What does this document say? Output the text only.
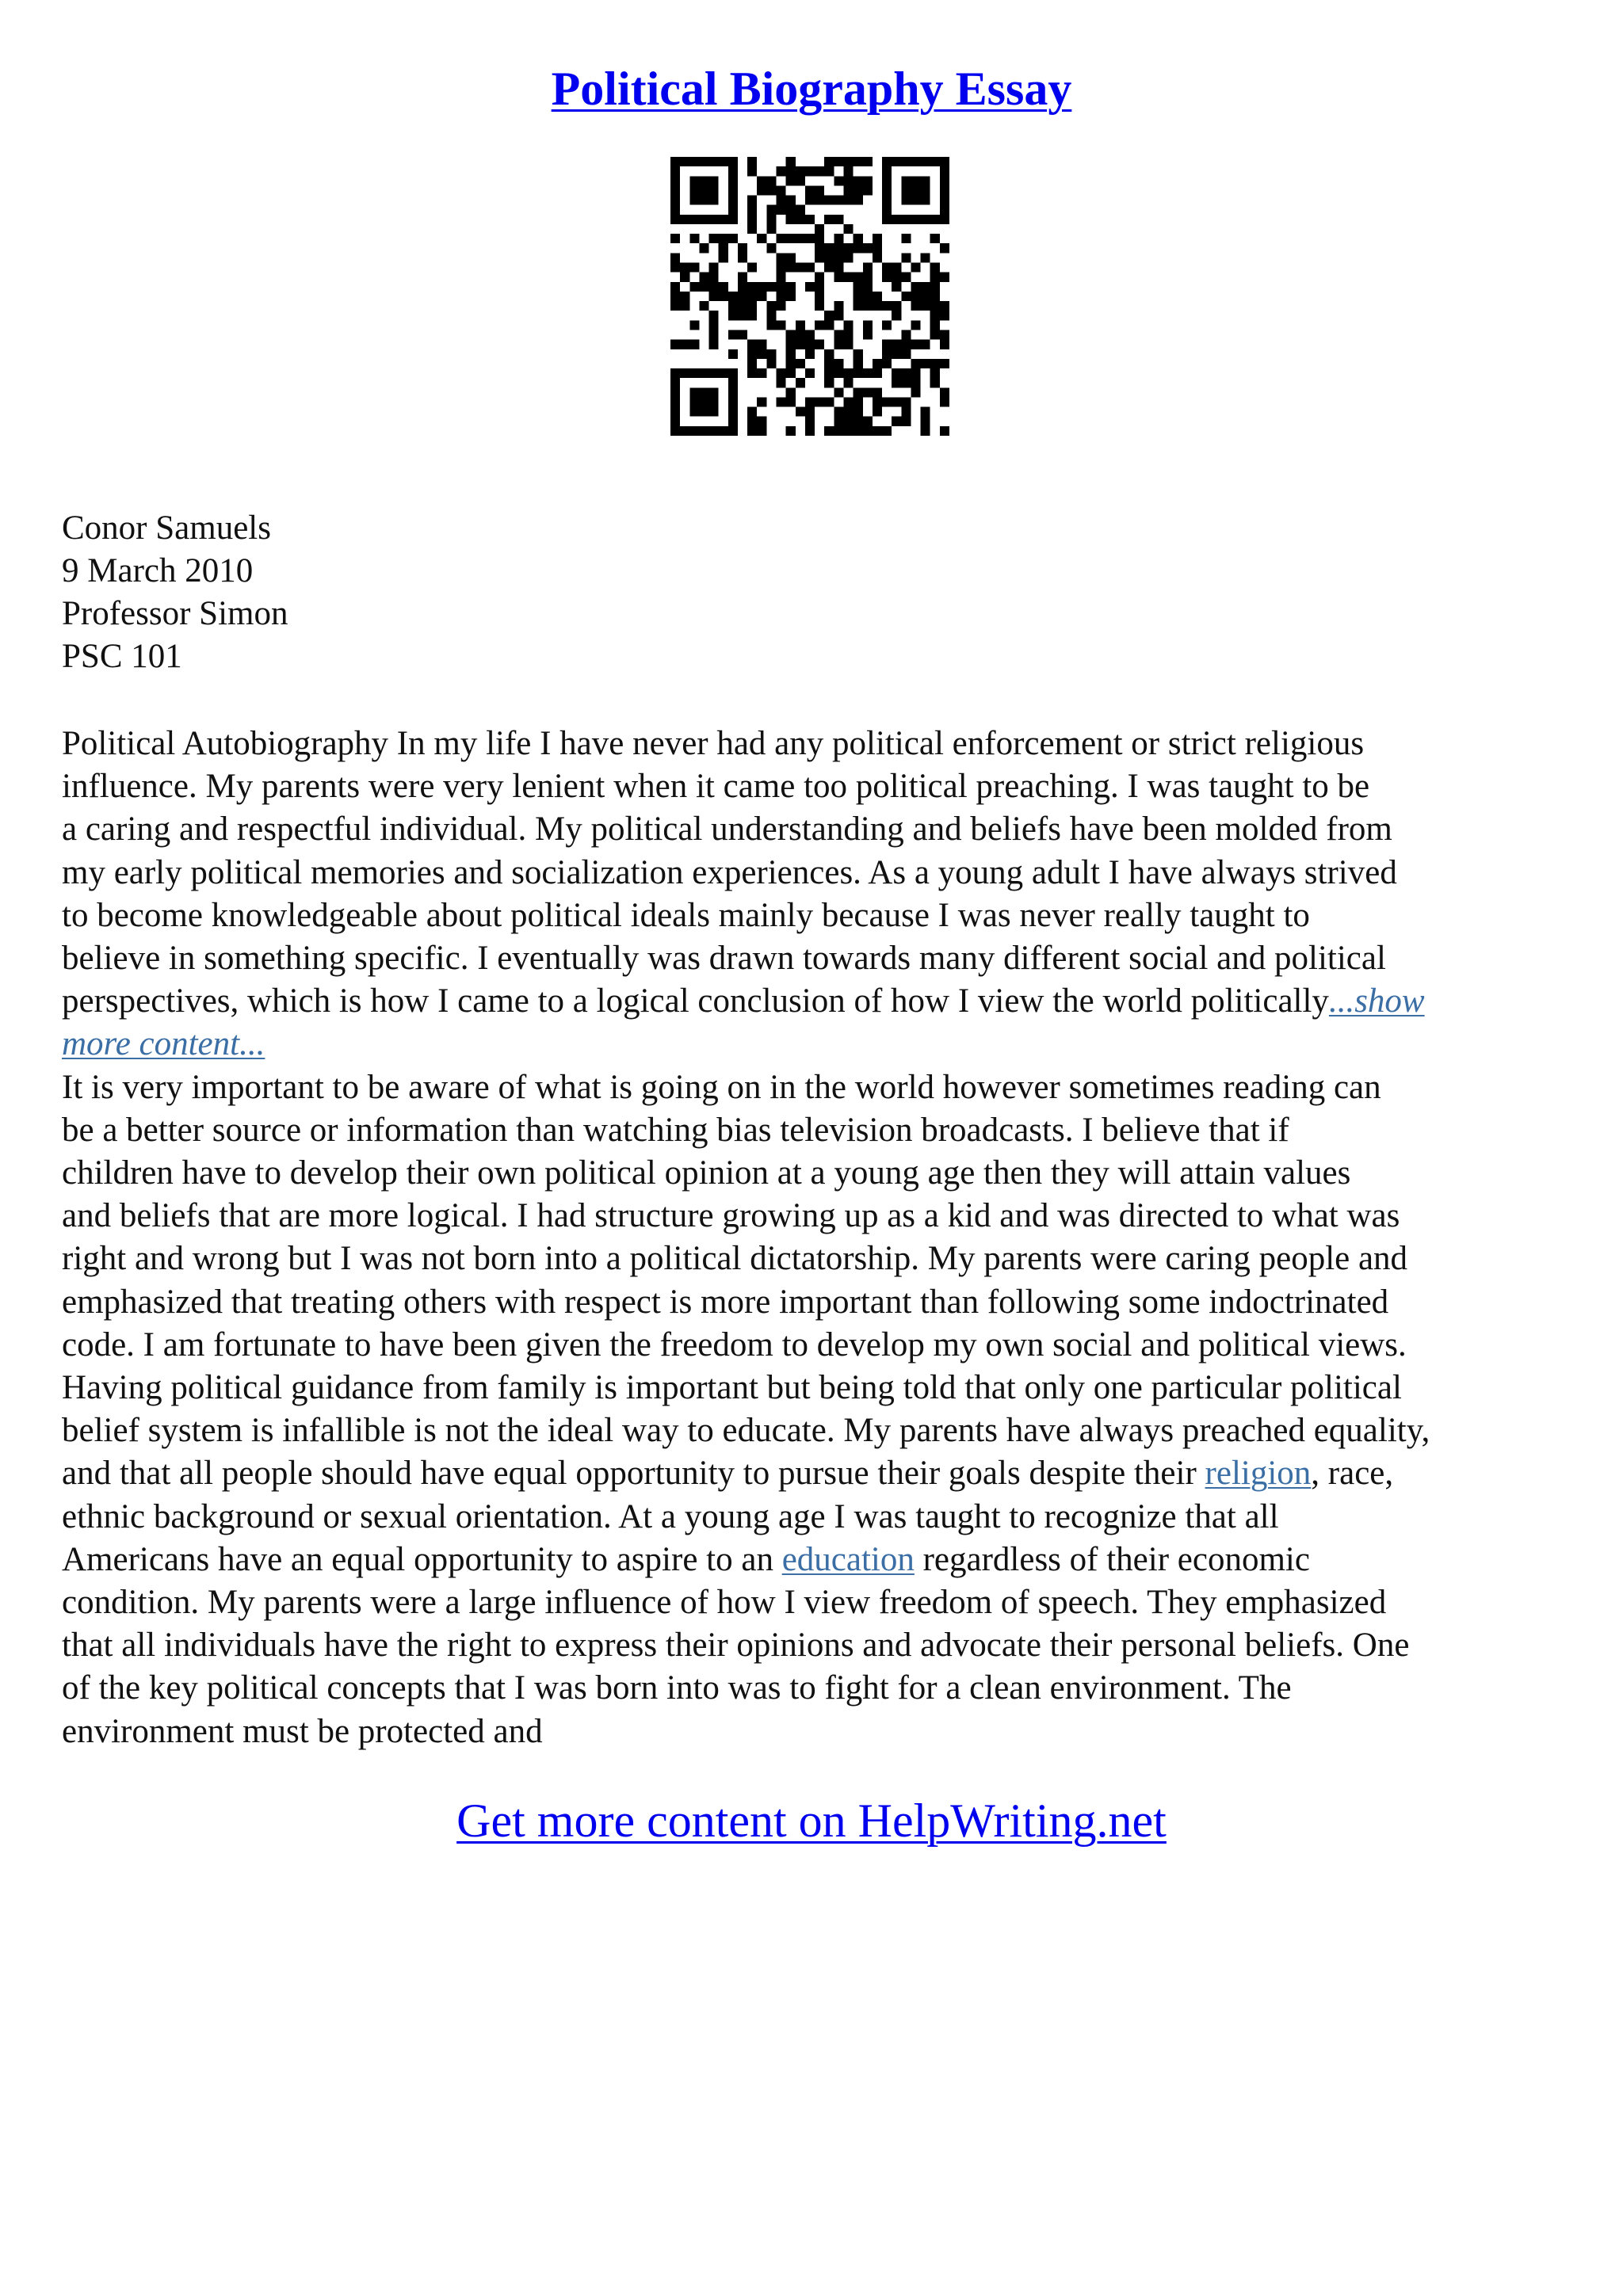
Political Biography Essay
Conor Samuels
9 March 2010
Professor Simon
PSC 101
Political Autobiography In my life I have never had any political enforcement or strict religious
influence. My parents were very lenient when it came too political preaching. I was taught to be
a caring and respectful individual. My political understanding and beliefs have been molded from
my early political memories and socialization experiences. As a young adult I have always strived
to become knowledgeable about political ideals mainly because I was never really taught to
believe in something specific. I eventually was drawn towards many different social and political
perspectives, which is how I came to a logical conclusion of how I view the world politically...show
more content...
It is very important to be aware of what is going on in the world however sometimes reading can
be a better source or information than watching bias television broadcasts. I believe that if
children have to develop their own political opinion at a young age then they will attain values
and beliefs that are more logical. I had structure growing up as a kid and was directed to what was
right and wrong but I was not born into a political dictatorship. My parents were caring people and
emphasized that treating others with respect is more important than following some indoctrinated
code. I am fortunate to have been given the freedom to develop my own social and political views.
Having political guidance from family is important but being told that only one particular political
belief system is infallible is not the ideal way to educate. My parents have always preached equality,
and that all people should have equal opportunity to pursue their goals despite their religion, race,
ethnic background or sexual orientation. At a young age I was taught to recognize that all
Americans have an equal opportunity to aspire to an education regardless of their economic
condition. My parents were a large influence of how I view freedom of speech. They emphasized
that all individuals have the right to express their opinions and advocate their personal beliefs. One
of the key political concepts that I was born into was to fight for a clean environment. The
environment must be protected and
Get more content on HelpWriting.net
